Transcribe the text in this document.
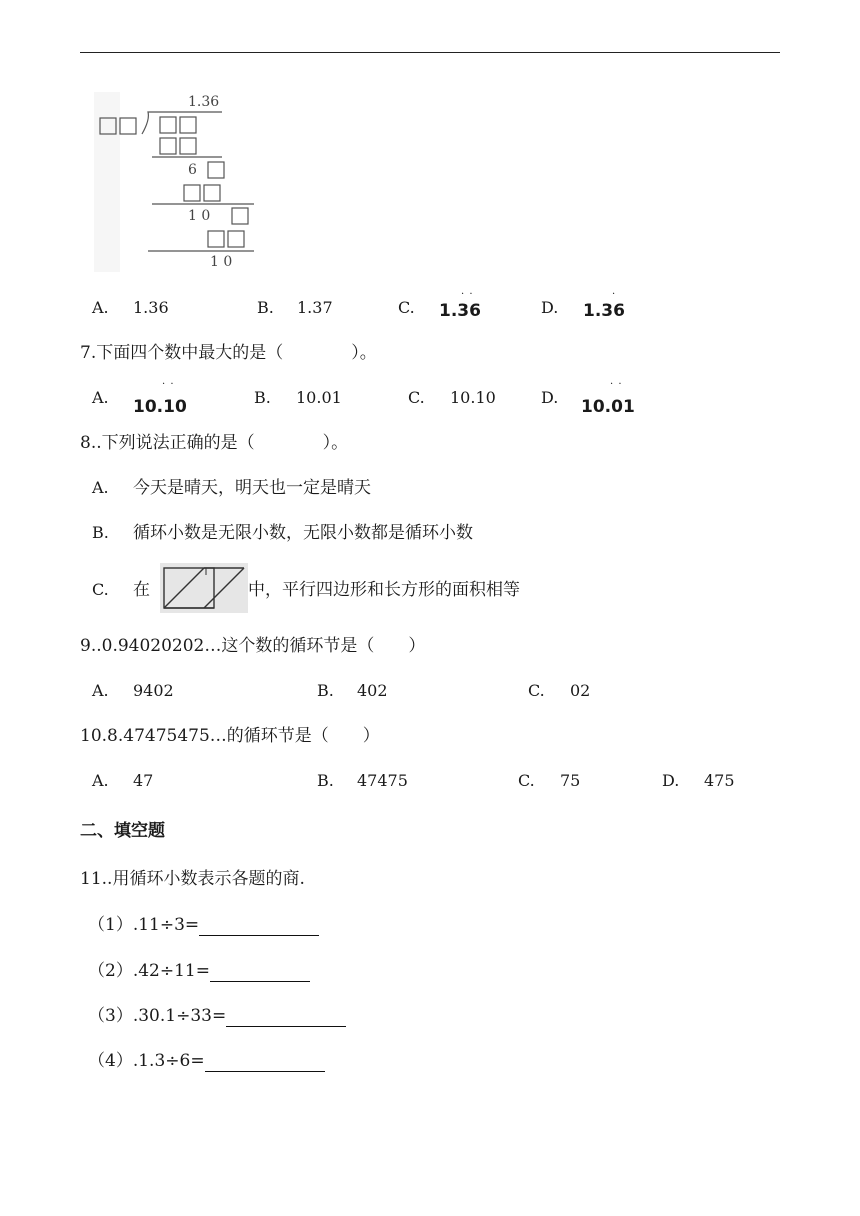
1.36
6
1 0
1 0
A. 1.36	B. 1.37	C.
. .
1.36	D.
.
1.36
7.下面四个数中最大的是（　　　　）。
A.
. .
10.10	B. 10.01	C. 10.10	D.
. .
10.01
8..下列说法正确的是（　　　　）。
A. 今天是晴天，明天也一定是晴天
B. 循环小数是无限小数，无限小数都是循环小数
C. 在	中，平行四边形和长方形的面积相等
9..0.94020202…这个数的循环节是（　　）
A. 9402	B. 402	C. 02
10.8.47475475…的循环节是（　　）
A. 47	B. 47475	C. 75	D. 475
二、填空题
11..用循环小数表示各题的商.
（1）.11÷3=
（2）.42÷11=
（3）.30.1÷33=
（4）.1.3÷6=
